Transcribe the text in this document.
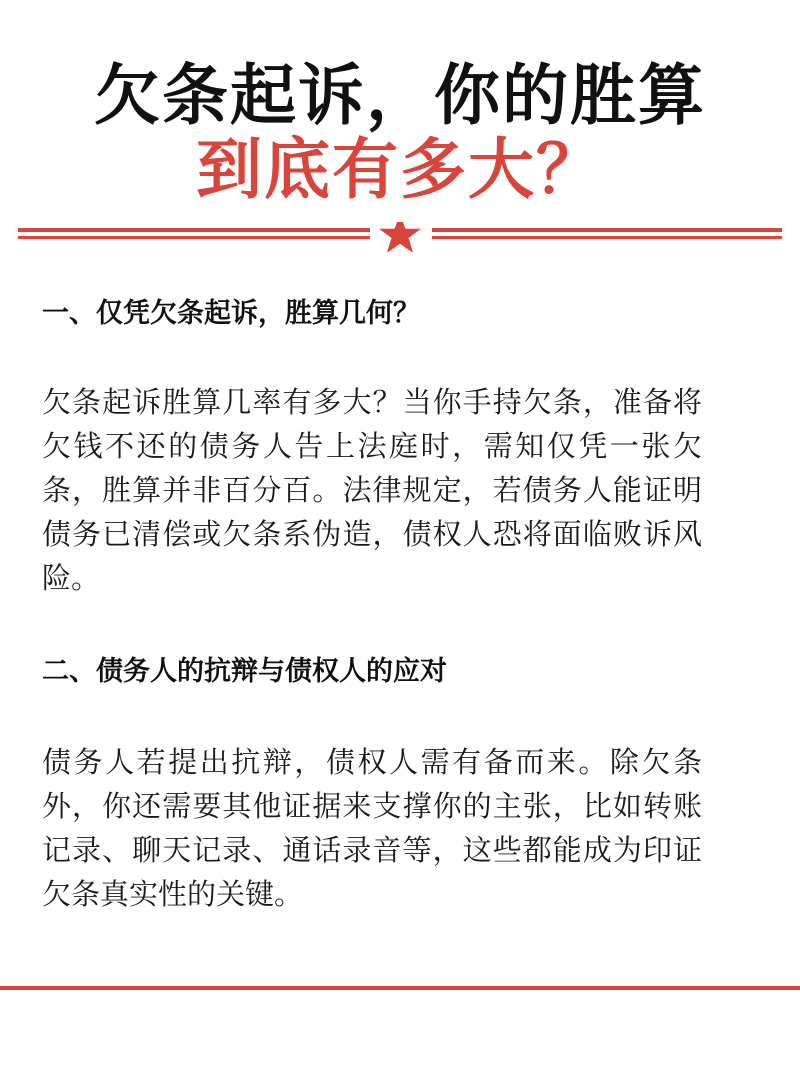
欠条起诉，你的胜算
到底有多大？
一、仅凭欠条起诉，胜算几何？
欠条起诉胜算几率有多大？当你手持欠条，准备将欠钱不还的债务人告上法庭时，需知仅凭一张欠条，胜算并非百分百。法律规定，若债务人能证明债务已清偿或欠条系伪造，债权人恐将面临败诉风险。
二、债务人的抗辩与债权人的应对
债务人若提出抗辩，债权人需有备而来。除欠条外，你还需要其他证据来支撑你的主张，比如转账记录、聊天记录、通话录音等，这些都能成为印证欠条真实性的关键。
